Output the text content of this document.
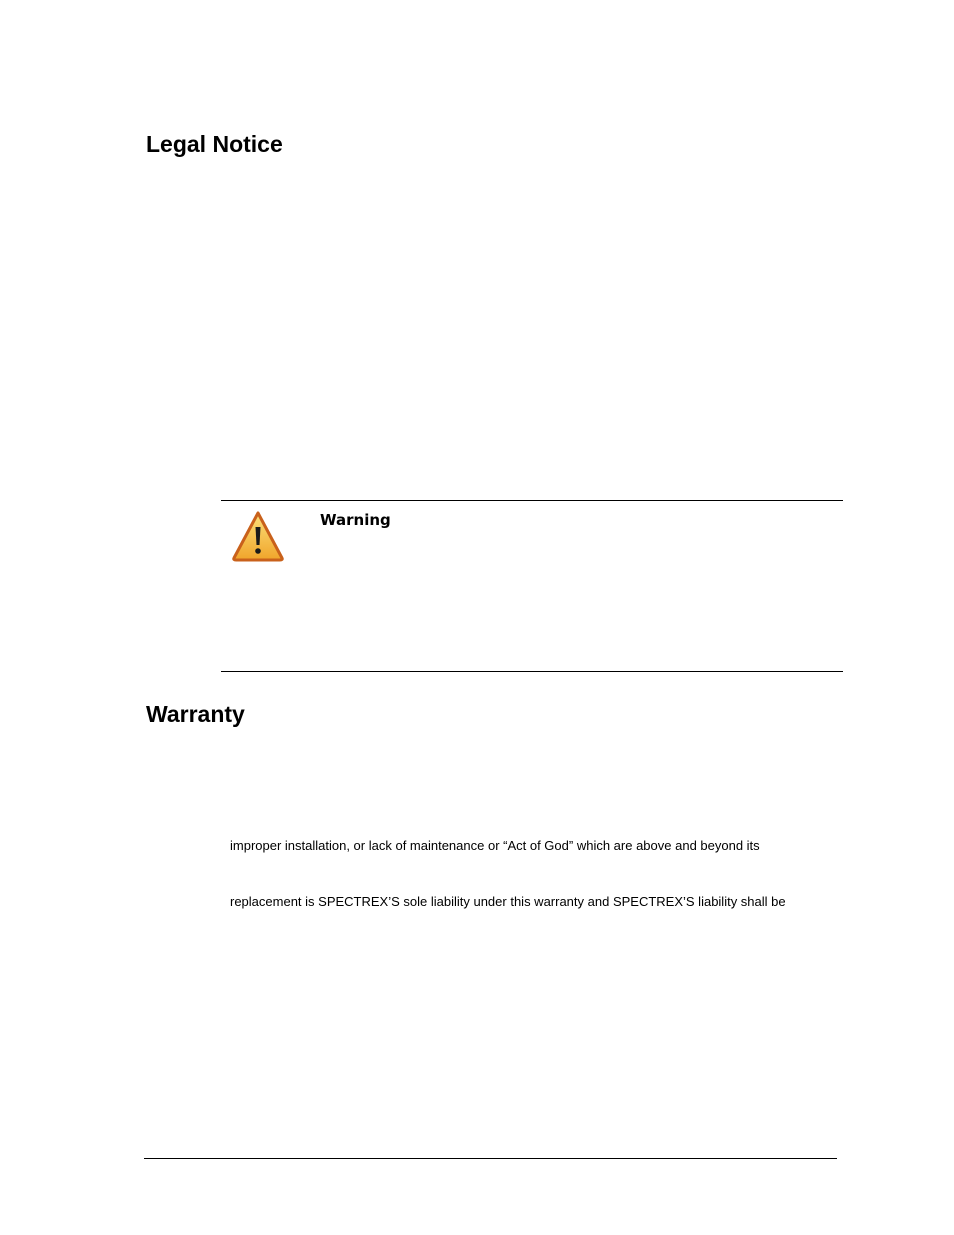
Legal Notice
Warning
Warranty
improper installation, or lack of maintenance or “Act of God” which are above and beyond its
replacement is SPECTREX’S sole liability under this warranty and SPECTREX’S liability shall be
